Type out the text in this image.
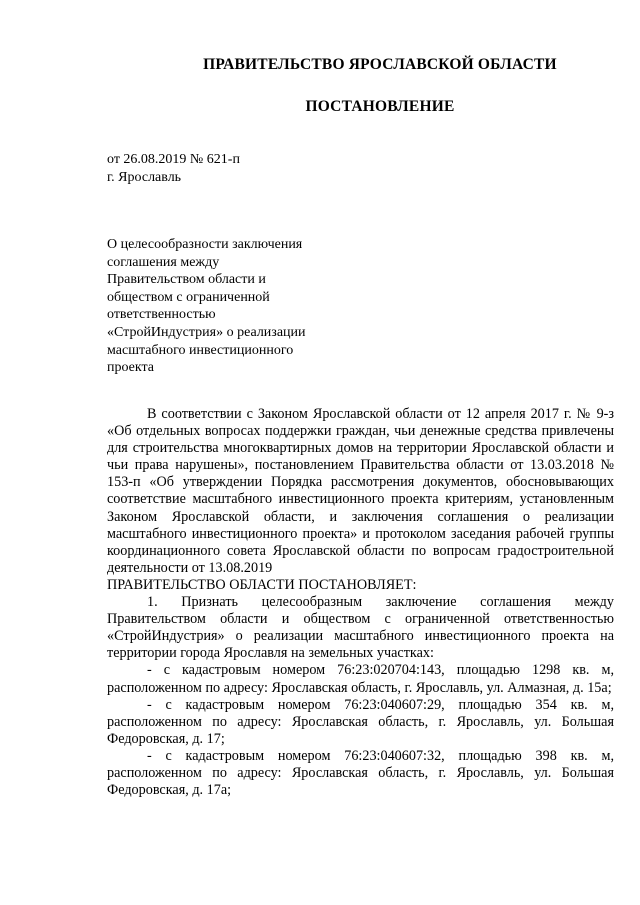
ПРАВИТЕЛЬСТВО ЯРОСЛАВСКОЙ ОБЛАСТИ
ПОСТАНОВЛЕНИЕ
от 26.08.2019 № 621-п
г. Ярославль
О целесообразности заключения
соглашения между
Правительством области и
обществом с ограниченной
ответственностью
«СтройИндустрия» о реализации
масштабного инвестиционного
проекта

В соответствии с Законом Ярославской области от 12 апреля 2017 г. № 9-з «Об отдельных вопросах поддержки граждан, чьи денежные средства привлечены для строительства многоквартирных домов на территории Ярославской области и чьи права нарушены», постановлением Правительства области от 13.03.2018 № 153-п «Об утверждении Порядка рассмотрения документов, обосновывающих соответствие масштабного инвестиционного проекта критериям, установленным Законом Ярославской области, и заключения соглашения о реализации масштабного инвестиционного проекта» и протоколом заседания рабочей группы координационного совета Ярославской области по вопросам градостроительной деятельности от 13.08.2019

ПРАВИТЕЛЬСТВО ОБЛАСТИ ПОСТАНОВЛЯЕТ:

1. Признать целесообразным заключение соглашения между Правительством области и обществом с ограниченной ответственностью «СтройИндустрия» о реализации масштабного инвестиционного проекта на территории города Ярославля на земельных участках:

- с кадастровым номером 76:23:020704:143, площадью 1298 кв. м, расположенном по адресу: Ярославская область, г. Ярославль, ул. Алмазная, д. 15а;

- с кадастровым номером 76:23:040607:29, площадью 354 кв. м, расположенном по адресу: Ярославская область, г. Ярославль, ул. Большая Федоровская, д. 17;

- с кадастровым номером 76:23:040607:32, площадью 398 кв. м, расположенном по адресу: Ярославская область, г. Ярославль, ул. Большая Федоровская, д. 17а;
